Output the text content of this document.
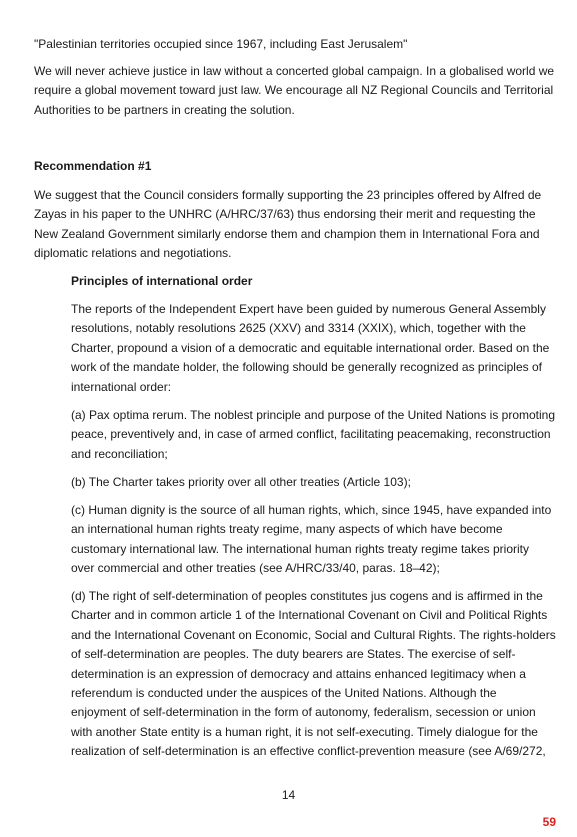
"Palestinian territories occupied since 1967, including East Jerusalem"

We will never achieve justice in law without a concerted global campaign. In a globalised world we
require a global movement toward just law. We encourage all NZ Regional Councils and Territorial
Authorities to be partners in creating the solution.

Recommendation #1

We suggest that the Council considers formally supporting the 23 principles offered by Alfred de
Zayas in his paper to the UNHRC (A/HRC/37/63) thus endorsing their merit and requesting the
New Zealand Government similarly endorse them and champion them in International Fora and
diplomatic relations and negotiations.

Principles of international order

The reports of the Independent Expert have been guided by numerous General Assembly
resolutions, notably resolutions 2625 (XXV) and 3314 (XXIX), which, together with the
Charter, propound a vision of a democratic and equitable international order. Based on the
work of the mandate holder, the following should be generally recognized as principles of
international order:
(a) Pax optima rerum. The noblest principle and purpose of the United Nations is promoting
peace, preventively and, in case of armed conflict, facilitating peacemaking, reconstruction
and reconciliation;
(b) The Charter takes priority over all other treaties (Article 103);
(c) Human dignity is the source of all human rights, which, since 1945, have expanded into
an international human rights treaty regime, many aspects of which have become
customary international law. The international human rights treaty regime takes priority
over commercial and other treaties (see A/HRC/33/40, paras. 18–42);
(d) The right of self-determination of peoples constitutes jus cogens and is affirmed in the
Charter and in common article 1 of the International Covenant on Civil and Political Rights
and the International Covenant on Economic, Social and Cultural Rights. The rights-holders
of self-determination are peoples. The duty bearers are States. The exercise of self-
determination is an expression of democracy and attains enhanced legitimacy when a
referendum is conducted under the auspices of the United Nations. Although the
enjoyment of self-determination in the form of autonomy, federalism, secession or union
with another State entity is a human right, it is not self-executing. Timely dialogue for the
realization of self-determination is an effective conflict-prevention measure (see A/69/272,
14
59
